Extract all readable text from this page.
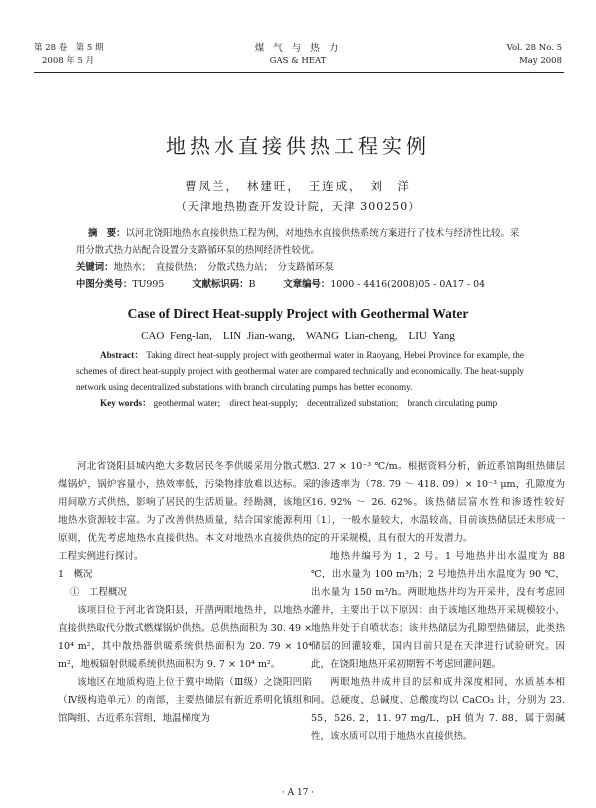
第 28 卷　第 5 期
2008 年 5 月
煤 气 与 热 力
GAS & HEAT
Vol. 28 No. 5
May 2008
地热水直接供热工程实例
曹凤兰，　林建旺，　王连成，　刘　洋
（天津地热勘查开发设计院，天津 300250）
摘　要：以河北饶阳地热水直接供热工程为例，对地热水直接供热系统方案进行了技术与经济性比较。采用分散式热力站配合设置分支路循环泵的热网经济性较优。
关键词：地热水；　直接供热；　分散式热力站；　分支路循环泵
中图分类号：TU995	文献标识码：B	文章编号：1000 - 4416(2008)05 - 0A17 - 04
Case of Direct Heat-supply Project with Geothermal Water
CAO Feng-lan,　LIN Jian-wang,　WANG Lian-cheng,　LIU Yang
Abstract： Taking direct heat-supply project with geothermal water in Raoyang, Hebei Province for example, the schemes of direct heat-supply project with geothermal water are compared technically and economically. The heat-supply network using decentralized substations with branch circulating pumps has better economy.
Key words： geothermal water;　direct heat-supply;　decentralized substation;　branch circulating pump

河北省饶阳县城内绝大多数居民冬季供暖采用分散式燃煤锅炉，锅炉容量小，热效率低，污染物排放难以达标。采用间歇方式供热，影响了居民的生活质量。经勘测，该地区地热水资源较丰富。为了改善供热质量，结合国家能源利用原则，优先考虑地热水直接供热。本文对地热水直接供热的工程实例进行探讨。

1　概况

①　工程概况

该项目位于河北省饶阳县，开凿两眼地热井，以地热水直接供热取代分散式燃煤锅炉供热。总供热面积为 30. 49 × 10⁴ m²，其中散热器供暖系统供热面积为 20. 79 × 10⁴ m²，地板辐射供暖系统供热面积为 9. 7 × 10⁴ m²。

该地区在地质构造上位于冀中坳陷（Ⅲ级）之饶阳凹陷（Ⅳ级构造单元）的南部，主要热储层有新近系明化镇组和馆陶组、古近系东营组，地温梯度为

3. 27 × 10⁻³ ℃/m。根据资料分析，新近系馆陶组热储层的渗透率为（78. 79 ～ 418. 09）× 10⁻³ μm，孔隙度为 16. 92% ～ 26. 62%。该热储层富水性和渗透性较好〔1〕，一般水量较大，水温较高，目前该热储层还未形成一定的开采规模，具有很大的开发潜力。

地热井编号为 1，2 号。1 号地热井出水温度为 88 ℃，出水量为 100 m³/h；2 号地热井出水温度为 90 ℃，出水量为 150 m³/h。两眼地热井均为开采井，没有考虑回灌井，主要出于以下原因：由于该地区地热开采规模较小，地热井处于自喷状态；该井热储层为孔隙型热储层，此类热储层的回灌较难，国内目前只是在天津进行试验研究。因此，在饶阳地热开采初期暂不考虑回灌问题。

两眼地热井成井目的层和成井深度相同，水质基本相同。总硬度、总碱度、总酸度均以 CaCO₃ 计，分别为 23. 55，526. 2，11. 97 mg/L，pH 值为 7. 88，属于弱碱性，该水质可以用于地热水直接供热。

· A 17 ·
